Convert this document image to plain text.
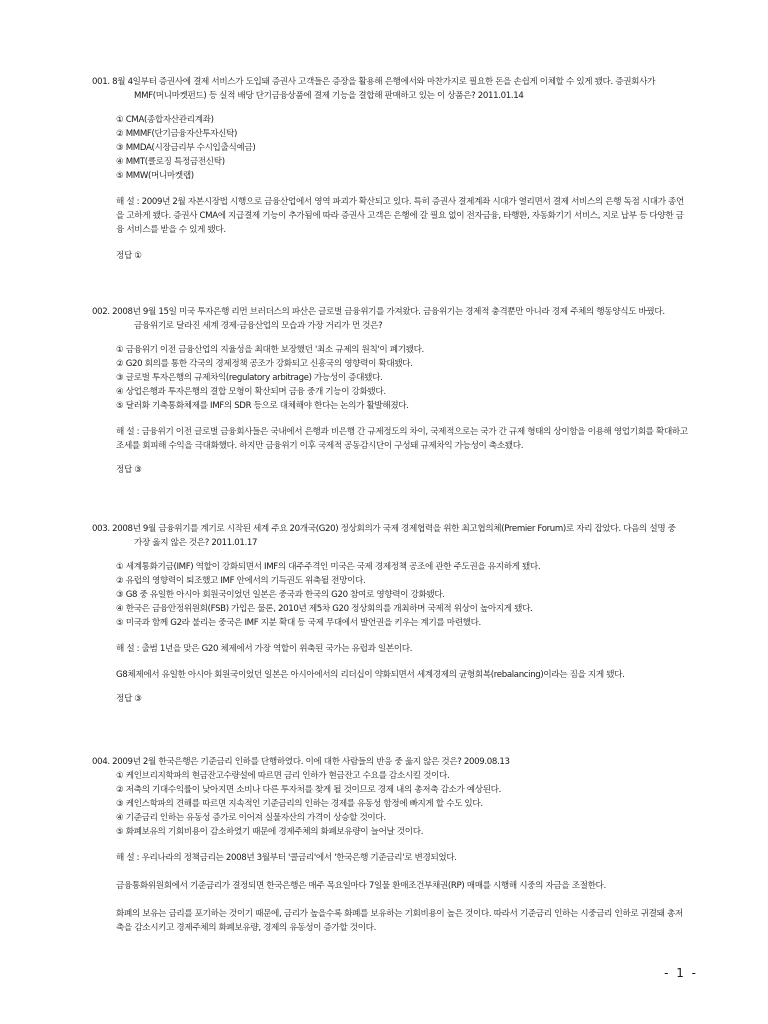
001. 8월 4일부터 증권사에 결제 서비스가 도입돼 증권사 고객들은 증장을 활용해 은행에서와 마찬가지로 필요한 돈을 손쉽게 이체할 수 있게 됐다. 증권회사가
MMF(머니마켓펀드) 등 실적 배당 단기금융상품에 결제 기능을 결합해 판매하고 있는 이 상품은? 2011.01.14
① CMA(종합자산관리계좌)
② MMMF(단기금융자산투자신탁)
③ MMDA(시장금리부 수시입출식예금)
④ MMT(클로징 특정금전신탁)
⑤ MMW(머니마켓랩)

해 설 : 2009년 2월 자본시장법 시행으로 금융산업에서 영역 파괴가 확산되고 있다. 특히 증권사 결제계좌 시대가 열리면서 결제 서비스의 은행 독점 시대가 종언을 고하게 됐다. 증권사 CMA에 지급결제 기능이 추가됨에 따라 증권사 고객은 은행에 갈 필요 없이 전자금융, 타행환, 자동화기기 서비스, 지로 납부 등 다양한 금융 서비스를 받을 수 있게 됐다.

정답 ①
002. 2008년 9월 15일 미국 투자은행 리먼 브러더스의 파산은 글로벌 금융위기를 가져왔다. 금융위기는 경제적 충격뿐만 아니라 경제 주체의 행동양식도 바꿨다.
금융위기로 달라진 세계 경제·금융산업의 모습과 가장 거리가 먼 것은?
① 금융위기 이전 금융산업의 지율성을 최대한 보장했던 '최소 규제의 원칙'이 폐기됐다.
② G20 회의를 통한 각국의 경제정책 공조가 강화되고 신흥국의 영향력이 확대됐다.
③ 글로벌 투자은행의 규제차익(regulatory arbitrage) 가능성이 증대됐다.
④ 상업은행과 투자은행의 결합 모형이 확산되며 금융 중개 기능이 강화됐다.
⑤ 달러화 기축통화체제를 IMF의 SDR 등으로 대체해야 한다는 논의가 활발해졌다.

해 설 : 금융위기 이전 글로벌 금융회사들은 국내에서 은행과 비은행 간 규제정도의 차이, 국제적으로는 국가 간 규제 형태의 상이함을 이용해 영업기회를 확대하고 조세를 회피해 수익을 극대화했다. 하지만 금융위기 이후 국제적 공동감시단이 구성돼 규제차익 가능성이 축소됐다.

정답 ③
003. 2008년 9월 금융위기를 계기로 시작된 세계 주요 20개국(G20) 정상회의가 국제 경제협력을 위한 최고협의체(Premier Forum)로 자리 잡았다. 다음의 설명 중
가장 옳지 않은 것은? 2011.01.17
① 세계통화기금(IMF) 역할이 강화되면서 IMF의 대주주격인 미국은 국제 경제정책 공조에 관한 주도권을 유지하게 됐다.
② 유럽의 영향력이 퇴조했고 IMF 안에서의 기득권도 위축될 전망이다.
③ G8 중 유일한 아시아 회원국이었던 일본은 중국과 한국의 G20 참여로 영향력이 강화됐다.
④ 한국은 금융안정위원회(FSB) 가입은 물론, 2010년 제5차 G20 정상회의를 개최하며 국제적 위상이 높아지게 됐다.
⑤ 미국과 함께 G2라 불리는 중국은 IMF 지분 확대 등 국제 무대에서 발언권을 키우는 계기를 마련했다.

해 설 : 출범 1년을 맞은 G20 체제에서 가장 역할이 위축된 국가는 유럽과 일본이다.

G8체제에서 유일한 아시아 회원국이었던 일본은 아시아에서의 리더십이 약화되면서 세계경제의 균형회복(rebalancing)이라는 짐을 지게 됐다.

정답 ③
004. 2009년 2월 한국은행은 기준금리 인하를 단행하였다. 이에 대한 사람들의 반응 중 옳지 않은 것은? 2009.08.13
① 케인브리지학파의 현금잔고수량설에 따르면 금리 인하가 현금잔고 수요를 감소시킬 것이다.
② 저축의 기대수익률이 낮아지면 소비나 다른 투자처를 찾게 될 것이므로 경제 내의 총저축 감소가 예상된다.
③ 케인스학파의 견해를 따르면 지속적인 기준금리의 인하는 경제를 유동성 함정에 빠지게 할 수도 있다.
④ 기준금리 인하는 유동성 증가로 이어져 실물자산의 가격이 상승할 것이다.
⑤ 화폐보유의 기회비용이 감소하였기 때문에 경제주체의 화폐보유량이 늘어날 것이다.

해 설 : 우리나라의 정책금리는 2008년 3월부터 '콜금리'에서 '한국은행 기준금리'로 변경되었다.

금융통화위원회에서 기준금리가 결정되면 한국은행은 매주 목요일마다 7일물 환매조건부채권(RP) 매매를 시행해 시중의 자금을 조절한다.

화폐의 보유는 금리를 포기하는 것이기 때문에, 금리가 높을수록 화폐를 보유하는 기회비용이 높은 것이다. 따라서 기준금리 인하는 시중금리 인하로 귀결돼 총저축을 감소시키고 경제주체의 화폐보유량, 경제의 유동성이 증가할 것이다.

- 1 -
